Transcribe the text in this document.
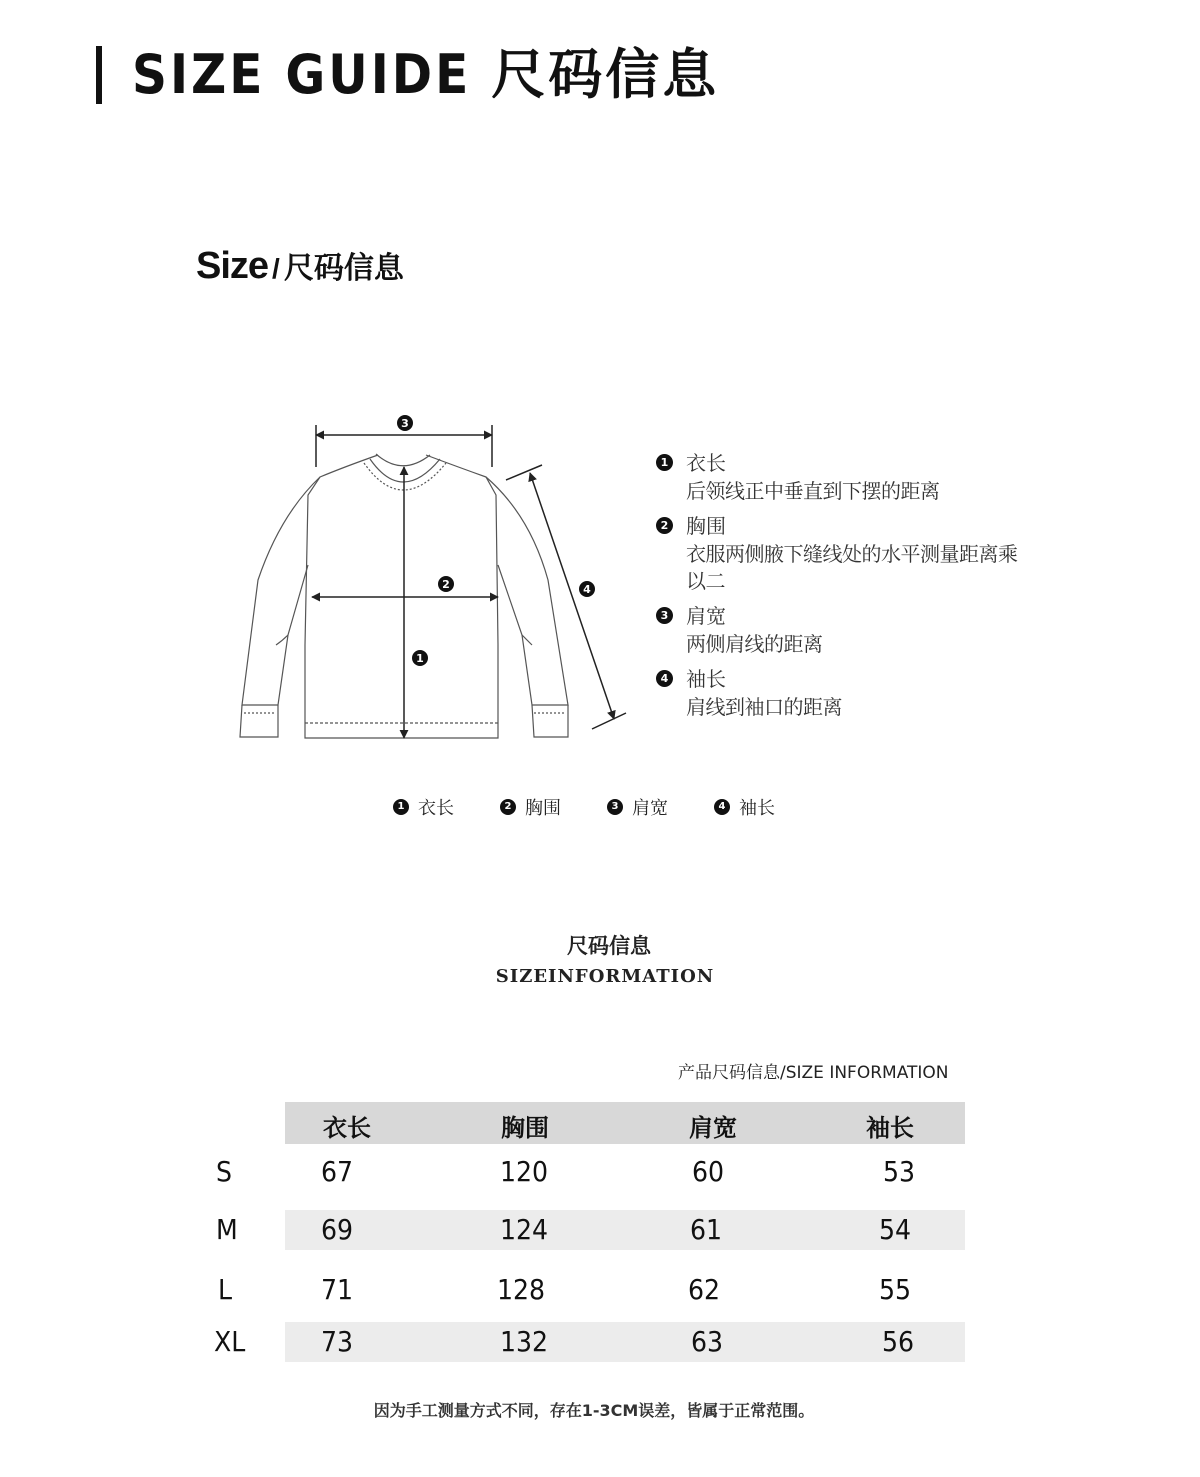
SIZE GUIDE 尺码信息
Size / 尺码信息
3
2
1
4
1 衣长
后领线正中垂直到下摆的距离
2 胸围
衣服两侧腋下缝线处的水平测量距离乘以二
3 肩宽
两侧肩线的距离
4 袖长
肩线到袖口的距离
1 衣长	2 胸围	3 肩宽	4 袖长
尺码信息
SIZEINFORMATION
产品尺码信息/SIZE INFORMATION
衣长	胸围	肩宽	袖长
S	67	120	60	53
M	69	124	61	54
L	71	128	62	55
XL	73	132	63	56
因为手工测量方式不同，存在1-3CM误差，皆属于正常范围。
